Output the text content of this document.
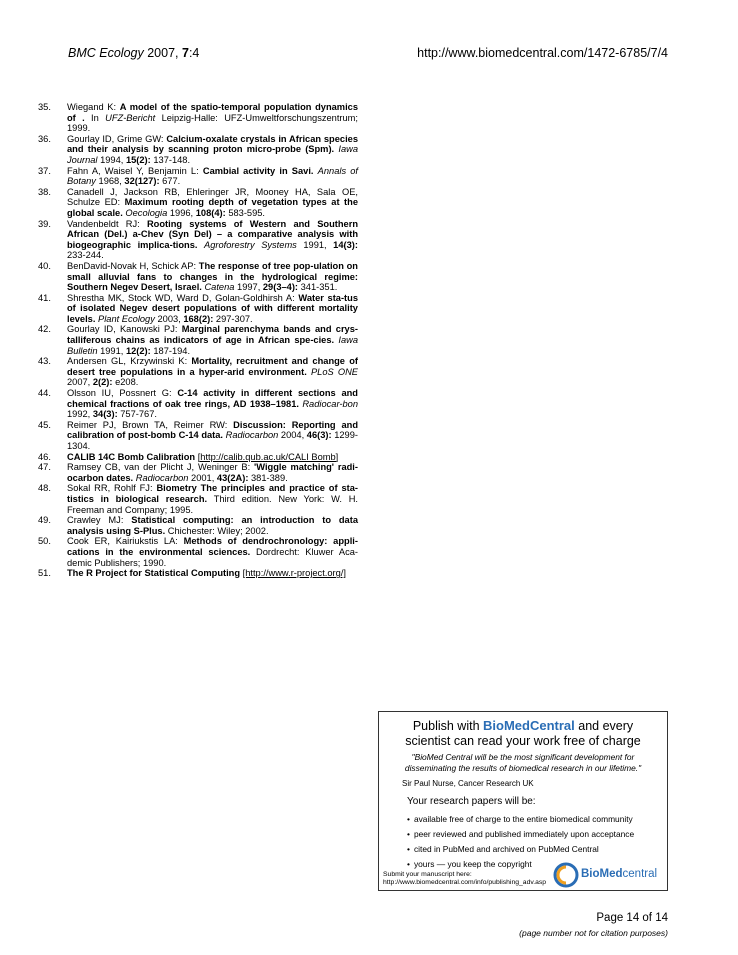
BMC Ecology 2007, 7:4	http://www.biomedcentral.com/1472-6785/7/4
35. Wiegand K: A model of the spatio-temporal population dynamics of . In UFZ-Bericht Leipzig-Halle: UFZ-Umweltforschungszentrum; 1999.
36. Gourlay ID, Grime GW: Calcium-oxalate crystals in African species and their analysis by scanning proton micro-probe (Spm). Iawa Journal 1994, 15(2): 137-148.
37. Fahn A, Waisel Y, Benjamin L: Cambial activity in Savi. Annals of Botany 1968, 32(127): 677.
38. Canadell J, Jackson RB, Ehleringer JR, Mooney HA, Sala OE, Schulze ED: Maximum rooting depth of vegetation types at the global scale. Oecologia 1996, 108(4): 583-595.
39. Vandenbeldt RJ: Rooting systems of Western and Southern African (Del.) a-Chev (Syn Del) – a comparative analysis with biogeographic implica-tions. Agroforestry Systems 1991, 14(3): 233-244.
40. BenDavid-Novak H, Schick AP: The response of tree pop-ulation on small alluvial fans to changes in the hydrological regime: Southern Negev Desert, Israel. Catena 1997, 29(3–4): 341-351.
41. Shrestha MK, Stock WD, Ward D, Golan-Goldhirsh A: Water sta-tus of isolated Negev desert populations of with different mortality levels. Plant Ecology 2003, 168(2): 297-307.
42. Gourlay ID, Kanowski PJ: Marginal parenchyma bands and crys-talliferous chains as indicators of age in African spe-cies. Iawa Bulletin 1991, 12(2): 187-194.
43. Andersen GL, Krzywinski K: Mortality, recruitment and change of desert tree populations in a hyper-arid environment. PLoS ONE 2007, 2(2): e208.
44. Olsson IU, Possnert G: C-14 activity in different sections and chemical fractions of oak tree rings, AD 1938–1981. Radiocar-bon 1992, 34(3): 757-767.
45. Reimer PJ, Brown TA, Reimer RW: Discussion: Reporting and calibration of post-bomb C-14 data. Radiocarbon 2004, 46(3): 1299-1304.
46. CALIB 14C Bomb Calibration [http://calib.qub.ac.uk/CALI Bomb]
47. Ramsey CB, van der Plicht J, Weninger B: 'Wiggle matching' radi-ocarbon dates. Radiocarbon 2001, 43(2A): 381-389.
48. Sokal RR, Rohlf FJ: Biometry The principles and practice of sta-tistics in biological research. Third edition. New York: W. H. Freeman and Company; 1995.
49. Crawley MJ: Statistical computing: an introduction to data analysis using S-Plus. Chichester: Wiley; 2002.
50. Cook ER, Kairiukstis LA: Methods of dendrochronology: appli-cations in the environmental sciences. Dordrecht: Kluwer Aca-demic Publishers; 1990.
51. The R Project for Statistical Computing [http://www.r-project.org/]
Publish with BioMedCentral and every
scientist can read your work free of charge
"BioMed Central will be the most significant development for disseminating the results of biomedical research in our lifetime."
Sir Paul Nurse, Cancer Research UK
Your research papers will be:
• available free of charge to the entire biomedical community
• peer reviewed and published immediately upon acceptance
• cited in PubMed and archived on PubMed Central
• yours — you keep the copyright
Submit your manuscript here:
http://www.biomedcentral.com/info/publishing_adv.asp
BioMedcentral
Page 14 of 14
(page number not for citation purposes)
